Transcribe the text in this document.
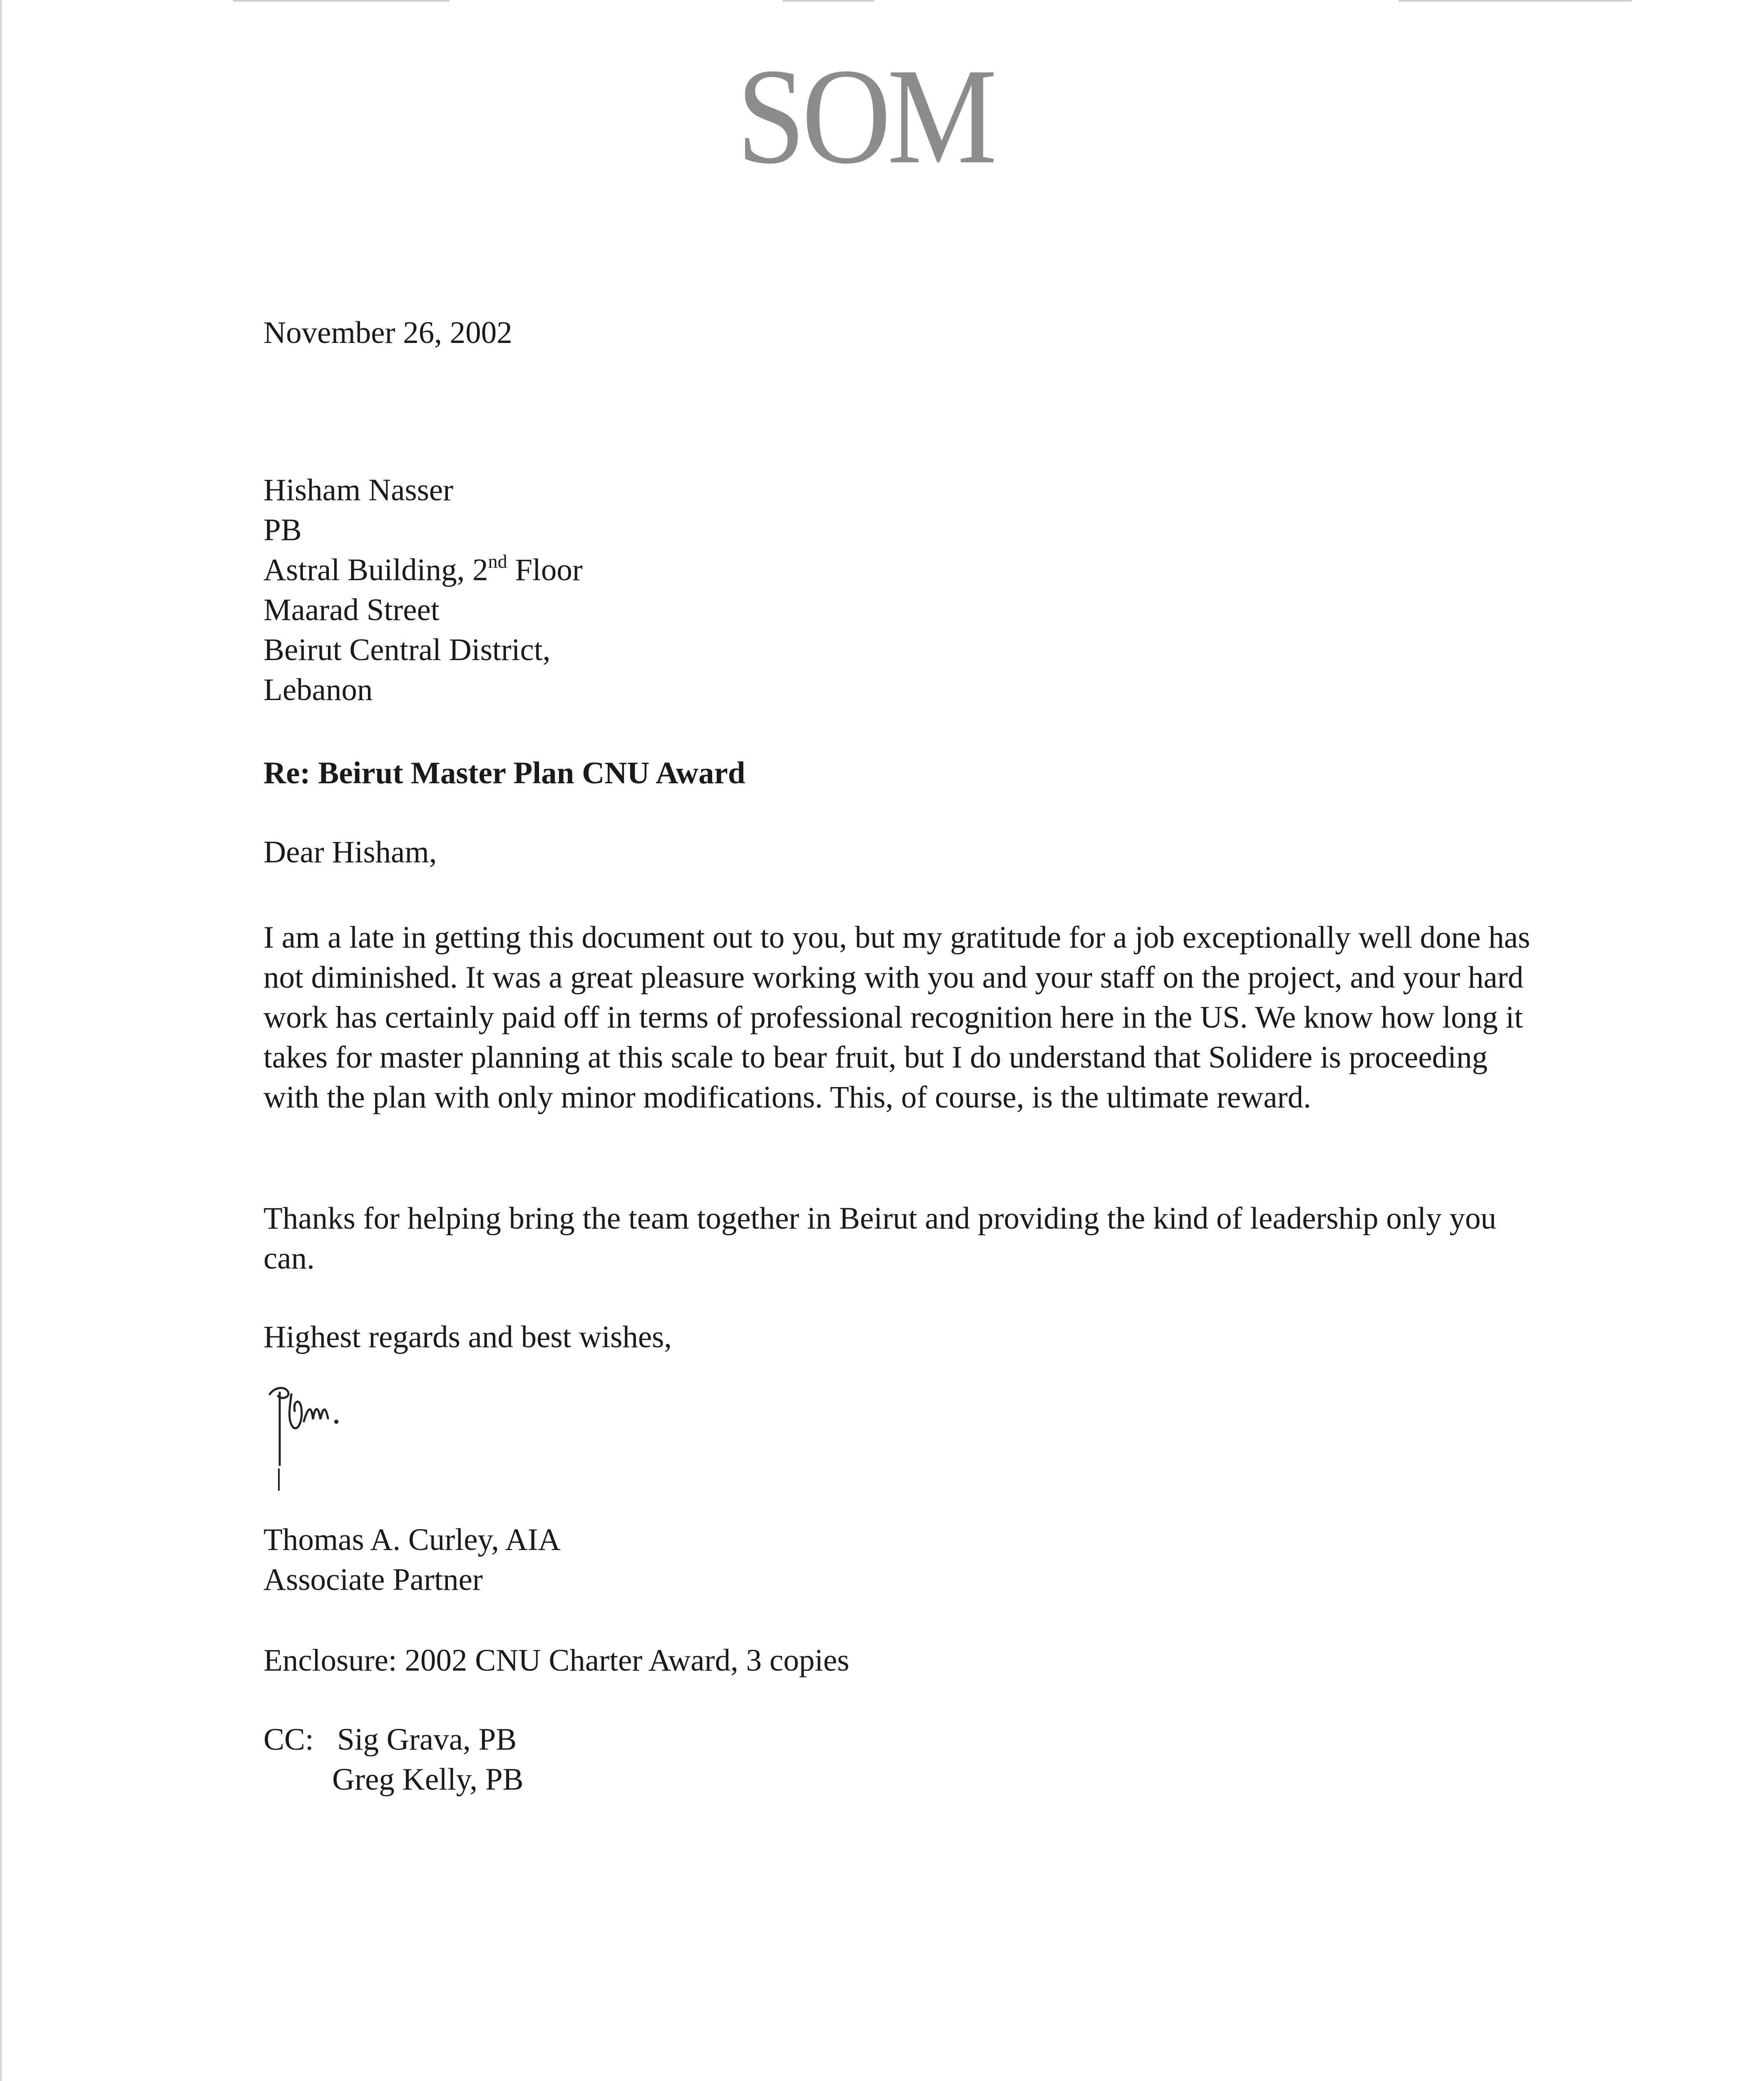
SOM
November 26, 2002
Hisham Nasser
PB
Astral Building, 2nd Floor
Maarad Street
Beirut Central District,
Lebanon
Re: Beirut Master Plan CNU Award
Dear Hisham,
I am a late in getting this document out to you, but my gratitude for a job exceptionally well done has not diminished. It was a great pleasure working with you and your staff on the project, and your hard work has certainly paid off in terms of professional recognition here in the US. We know how long it takes for master planning at this scale to bear fruit, but I do understand that Solidere is proceeding with the plan with only minor modifications. This, of course, is the ultimate reward.
Thanks for helping bring the team together in Beirut and providing the kind of leadership only you can.
Highest regards and best wishes,
Thomas A. Curley, AIA
Associate Partner
Enclosure: 2002 CNU Charter Award, 3 copies
CC: Sig Grava, PB
Greg Kelly, PB
